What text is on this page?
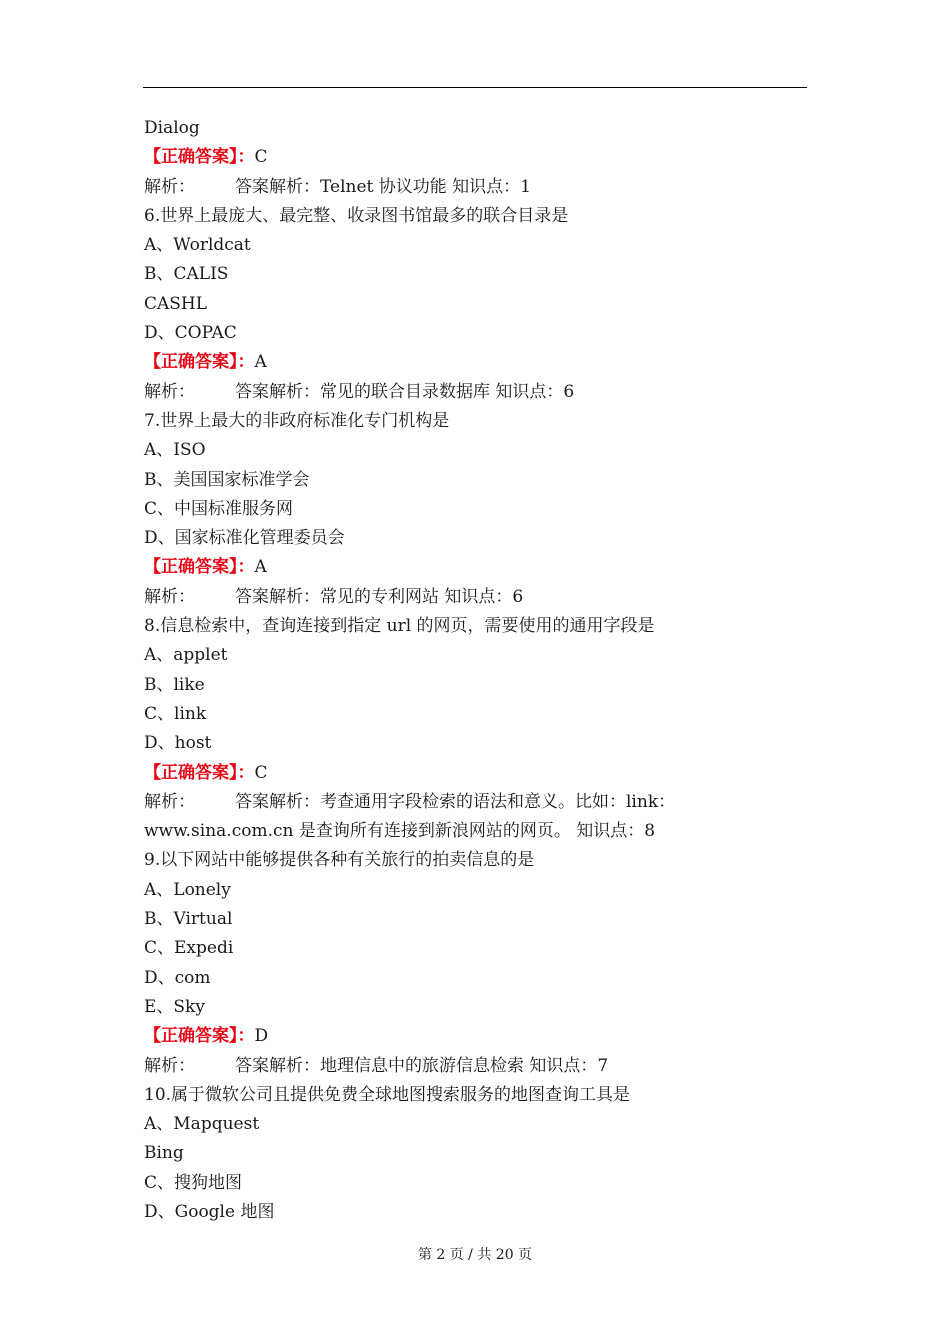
Dialog
【正确答案】：C
解析： 答案解析：Telnet 协议功能 知识点：1
6.世界上最庞大、最完整、收录图书馆最多的联合目录是
A、Worldcat
B、CALIS
CASHL
D、COPAC
【正确答案】：A
解析： 答案解析：常见的联合目录数据库 知识点：6
7.世界上最大的非政府标准化专门机构是
A、ISO
B、美国国家标准学会
C、中国标准服务网
D、国家标准化管理委员会
【正确答案】：A
解析： 答案解析：常见的专利网站 知识点：6
8.信息检索中，查询连接到指定 url 的网页，需要使用的通用字段是
A、applet
B、like
C、link
D、host
【正确答案】：C
解析： 答案解析：考查通用字段检索的语法和意义。比如：link：
www.sina.com.cn 是查询所有连接到新浪网站的网页。 知识点：8
9.以下网站中能够提供各种有关旅行的拍卖信息的是
A、Lonely
B、Virtual
C、Expedi
D、com
E、Sky
【正确答案】：D
解析： 答案解析：地理信息中的旅游信息检索 知识点：7
10.属于微软公司且提供免费全球地图搜索服务的地图查询工具是
A、Mapquest
Bing
C、搜狗地图
D、Google 地图
第 2 页 / 共 20 页
